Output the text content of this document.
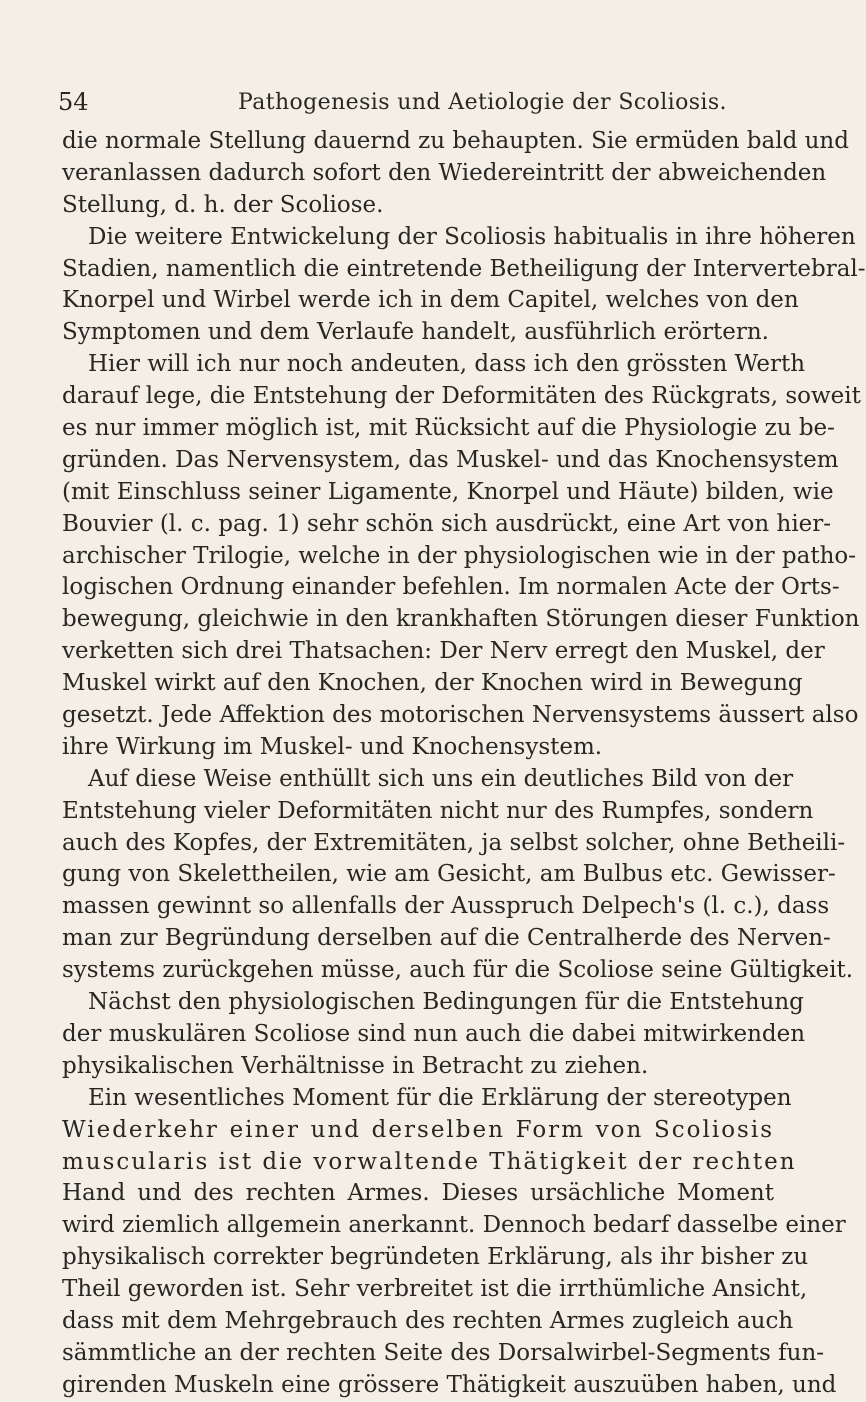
54	Pathogenesis und Aetiologie der Scoliosis.
die normale Stellung dauernd zu behaupten. Sie ermüden bald und
veranlassen dadurch sofort den Wiedereintritt der abweichenden
Stellung, d. h. der Scoliose.
Die weitere Entwickelung der Scoliosis habitualis in ihre höheren
Stadien, namentlich die eintretende Betheiligung der Intervertebral-
Knorpel und Wirbel werde ich in dem Capitel, welches von den
Symptomen und dem Verlaufe handelt, ausführlich erörtern.
Hier will ich nur noch andeuten, dass ich den grössten Werth
darauf lege, die Entstehung der Deformitäten des Rückgrats, soweit
es nur immer möglich ist, mit Rücksicht auf die Physiologie zu be-
gründen. Das Nervensystem, das Muskel- und das Knochensystem
(mit Einschluss seiner Ligamente, Knorpel und Häute) bilden, wie
Bouvier (l. c. pag. 1) sehr schön sich ausdrückt, eine Art von hier-
archischer Trilogie, welche in der physiologischen wie in der patho-
logischen Ordnung einander befehlen. Im normalen Acte der Orts-
bewegung, gleichwie in den krankhaften Störungen dieser Funktion
verketten sich drei Thatsachen: Der Nerv erregt den Muskel, der
Muskel wirkt auf den Knochen, der Knochen wird in Bewegung
gesetzt. Jede Affektion des motorischen Nervensystems äussert also
ihre Wirkung im Muskel- und Knochensystem.
Auf diese Weise enthüllt sich uns ein deutliches Bild von der
Entstehung vieler Deformitäten nicht nur des Rumpfes, sondern
auch des Kopfes, der Extremitäten, ja selbst solcher, ohne Betheili-
gung von Skelettheilen, wie am Gesicht, am Bulbus etc. Gewisser-
massen gewinnt so allenfalls der Ausspruch Delpech's (l. c.), dass
man zur Begründung derselben auf die Centralherde des Nerven-
systems zurückgehen müsse, auch für die Scoliose seine Gültigkeit.
Nächst den physiologischen Bedingungen für die Entstehung
der muskulären Scoliose sind nun auch die dabei mitwirkenden
physikalischen Verhältnisse in Betracht zu ziehen.
Ein wesentliches Moment für die Erklärung der stereotypen
Wiederkehr einer und derselben Form von Scoliosis
muscularis ist die vorwaltende Thätigkeit der rechten
Hand und des rechten Armes. Dieses ursächliche Moment
wird ziemlich allgemein anerkannt. Dennoch bedarf dasselbe einer
physikalisch correkter begründeten Erklärung, als ihr bisher zu
Theil geworden ist. Sehr verbreitet ist die irrthümliche Ansicht,
dass mit dem Mehrgebrauch des rechten Armes zugleich auch
sämmtliche an der rechten Seite des Dorsalwirbel-Segments fun-
girenden Muskeln eine grössere Thätigkeit auszuüben haben, und
